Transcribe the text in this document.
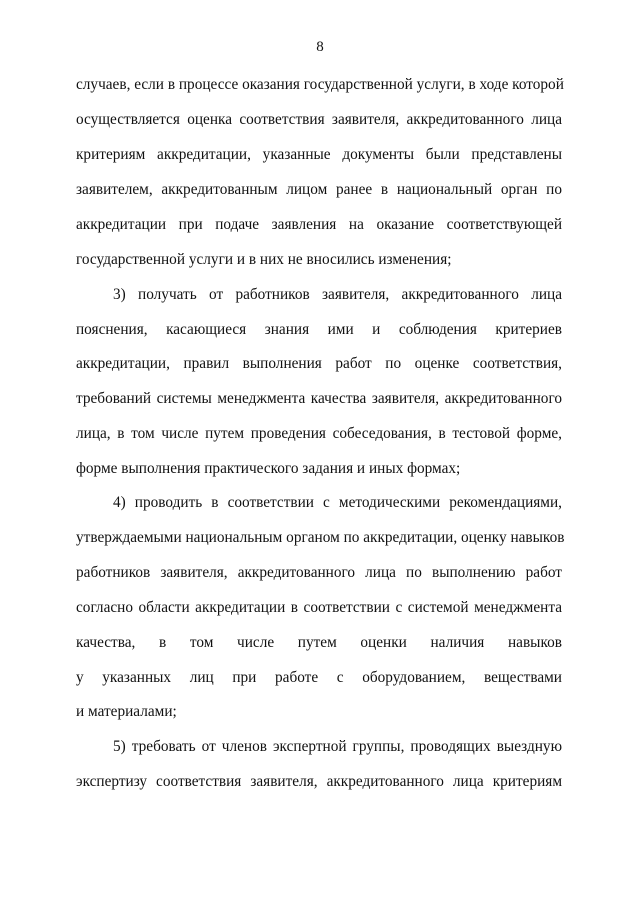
8
случаев, если в процессе оказания государственной услуги, в ходе которой
осуществляется оценка соответствия заявителя, аккредитованного лица
критериям аккредитации, указанные документы были представлены
заявителем, аккредитованным лицом ранее в национальный орган по
аккредитации при подаче заявления на оказание соответствующей
государственной услуги и в них не вносились изменения;
3) получать от работников заявителя, аккредитованного лица
пояснения, касающиеся знания ими и соблюдения критериев
аккредитации, правил выполнения работ по оценке соответствия,
требований системы менеджмента качества заявителя, аккредитованного
лица, в том числе путем проведения собеседования, в тестовой форме,
форме выполнения практического задания и иных формах;
4) проводить в соответствии с методическими рекомендациями,
утверждаемыми национальным органом по аккредитации, оценку навыков
работников заявителя, аккредитованного лица по выполнению работ
согласно области аккредитации в соответствии с системой менеджмента
качества, в том числе путем оценки наличия навыков
у указанных лиц при работе с оборудованием, веществами
и материалами;
5) требовать от членов экспертной группы, проводящих выездную
экспертизу соответствия заявителя, аккредитованного лица критериям
